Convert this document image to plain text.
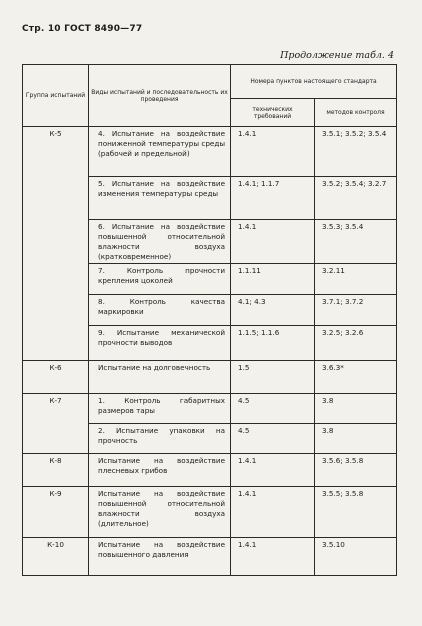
Стр. 10 ГОСТ 8490—77
Продолжение табл. 4
Группа испытаний	Виды испытаний и последовательность их проведения	Номера пунктов настоящего стандарта	
		технических требований	методов контроля
К-5	4. Испытание на воздействие пониженной температуры среды (рабочей и предельной)	1.4.1	3.5.1; 3.5.2; 3.5.4
	5. Испытание на воздействие изменения температуры среды	1.4.1; 1.1.7	3.5.2; 3.5.4; 3.2.7
	6. Испытание на воздействие повышенной относительной влажности воздуха (кратковременное)	1.4.1	3.5.3; 3.5.4
	7. Контроль прочности крепления цоколей	1.1.11	3.2.11
	8. Контроль качества маркировки	4.1; 4.3	3.7.1; 3.7.2
	9. Испытание механической прочности выводов	1.1.5; 1.1.6	3.2.5; 3.2.6
К-6	Испытание на долговечность	1.5	3.6.3*
К-7	1. Контроль габаритных размеров тары	4.5	3.8
	2. Испытание упаковки на прочность	4.5	3.8
К-8	Испытание на воздействие плесневых грибов	1.4.1	3.5.6; 3.5.8
К-9	Испытание на воздействие повышенной относительной влажности воздуха (длительное)	1.4.1	3.5.5; 3.5.8
К-10	Испытание на воздействие повышенного давления	1.4.1	3.5.10
